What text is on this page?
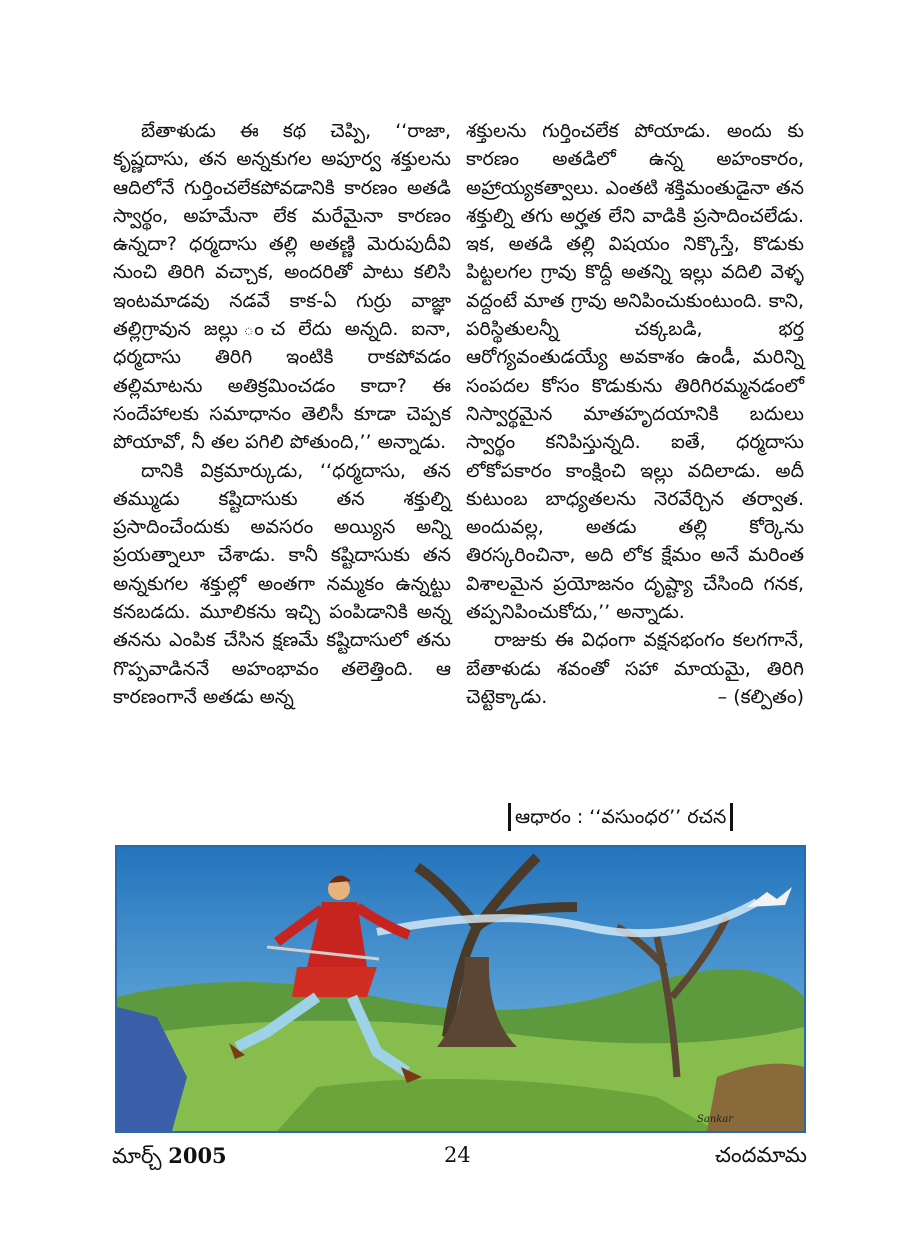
బేతాళుడు ఈ కథ చెప్పి, ‘‘రాజా, కృష్ణదాసు, తన అన్నకుగల అపూర్వ శక్తులను ఆదిలోనే గుర్తించలేకపోవడానికి కారణం అతడి స్వార్థం, అహమేనా లేక మరేమైనా కారణం ఉన్నదా? ధర్మదాసు తల్లి అతణ్ణి మెరుపుదీవి నుంచి తిరిగి వచ్చాక, అందరితో పాటు కలిసి ఇంటమాడవు నడవే కాక-ఏ గుర్రు వాజ్ఞా తల్లిగ్రావున జల్లు ంచ లేదు అన్నది. ఐనా, ధర్మదాసు తిరిగి ఇంటికి రాకపోవడం తల్లిమాటను అతిక్రమించడం కాదా? ఈ సందేహాలకు సమాధానం తెలిసీ కూడా చెప్పక పోయావో, నీ తల పగిలి పోతుంది,’’ అన్నాడు.

దానికి విక్రమార్కుడు, ‘‘ధర్మదాసు, తన తమ్ముడు కష్టిదాసుకు తన శక్తుల్ని ప్రసాదించేందుకు అవసరం అయ్యిన అన్ని ప్రయత్నాలూ చేశాడు. కానీ కష్టిదాసుకు తన అన్నకుగల శక్తుల్లో అంతగా నమ్మకం ఉన్నట్టు కనబడదు. మూలికను ఇచ్చి పంపిడానికి అన్న తనను ఎంపిక చేసిన క్షణమే కష్టిదాసులో తను గొప్పవాడిననే అహంభావం తలెత్తింది. ఆ కారణంగానే అతడు అన్న

శక్తులను గుర్తించలేక పోయాడు. అందు కు కారణం అతడిలో ఉన్న అహంకారం, అహ్రాయ్యకత్వాలు. ఎంతటి శక్తిమంతుడైనా తన శక్తుల్ని తగు అర్హత లేని వాడికి ప్రసాదించలేడు. ఇక, అతడి తల్లి విషయం నిక్కొస్తే, కొడుకు పిట్టలగల గ్రావు కొద్దీ అతన్ని ఇల్లు వదిలి వెళ్ళ వద్దంటే మాత గ్రావు అనిపించుకుంటుంది. కాని, పరిస్థితులన్నీ చక్కబడి, భర్త ఆరోగ్యవంతుడయ్యే అవకాశం ఉండీ, మరిన్ని సంపదల కోసం కొడుకును తిరిగిరమ్మనడంలో నిస్వార్థమైన మాతహృదయానికి బదులు స్వార్థం కనిపిస్తున్నది. ఐతే, ధర్మదాసు లోకోపకారం కాంక్షించి ఇల్లు వదిలాడు. అదీ కుటుంబ బాధ్యతలను నెరవేర్చిన తర్వాత. అందువల్ల, అతడు తల్లి కోర్కెను తిరస్కరించినా, అది లోక క్షేమం అనే మరింత విశాలమైన ప్రయోజనం దృష్ట్యా చేసింది గనక, తప్పనిపించుకోదు,’’ అన్నాడు.

రాజుకు ఈ విధంగా వక్షనభంగం కలగగానే, బేతాళుడు శవంతో సహా మాయమై, తిరిగి చెట్టెక్కాడు.	– (కల్పితం)

ఆధారం : ‘‘వసుంధర’’ రచన
Sankar
మార్చ్ 2005	24	చందమామ
